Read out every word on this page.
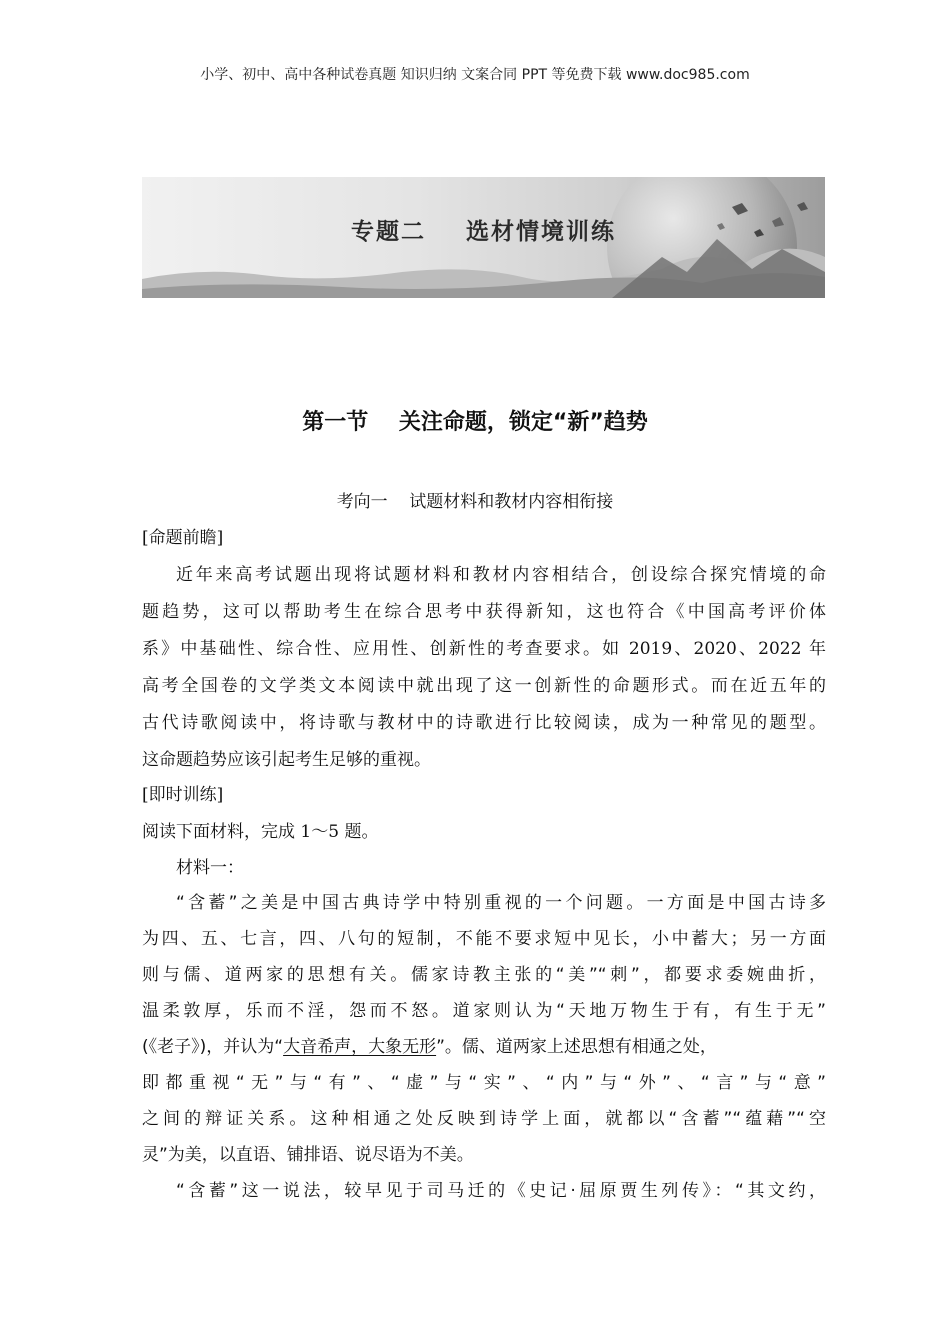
小学、初中、高中各种试卷真题 知识归纳 文案合同 PPT 等免费下载 www.doc985.com
专题二    选材情境训练
第一节    关注命题，锁定“新”趋势
考向一    试题材料和教材内容相衔接
[命题前瞻]
近年来高考试题出现将试题材料和教材内容相结合，创设综合探究情境的命
题趋势，这可以帮助考生在综合思考中获得新知，这也符合《中国高考评价体
系》中基础性、综合性、应用性、创新性的考查要求。如 2019、2020、2022 年
高考全国卷的文学类文本阅读中就出现了这一创新性的命题形式。而在近五年的
古代诗歌阅读中，将诗歌与教材中的诗歌进行比较阅读，成为一种常见的题型。
这命题趋势应该引起考生足够的重视。
[即时训练]
阅读下面材料，完成 1～5 题。
材料一：
“含蓄”之美是中国古典诗学中特别重视的一个问题。一方面是中国古诗多
为四、五、七言，四、八句的短制，不能不要求短中见长，小中蓄大；另一方面
则与儒、道两家的思想有关。儒家诗教主张的“美”“刺”，都要求委婉曲折，
温柔敦厚，乐而不淫，怨而不怒。道家则认为“天地万物生于有，有生于无”
(《老子》)，并认为“大音希声，大象无形”。儒、道两家上述思想有相通之处，
即都重视“无”与“有”、“虚”与“实”、“内”与“外”、“言”与“意”
之间的辩证关系。这种相通之处反映到诗学上面，就都以“含蓄”“蕴藉”“空
灵”为美，以直语、铺排语、说尽语为不美。
“含蓄”这一说法，较早见于司马迁的《史记·屈原贾生列传》：“其文约，
